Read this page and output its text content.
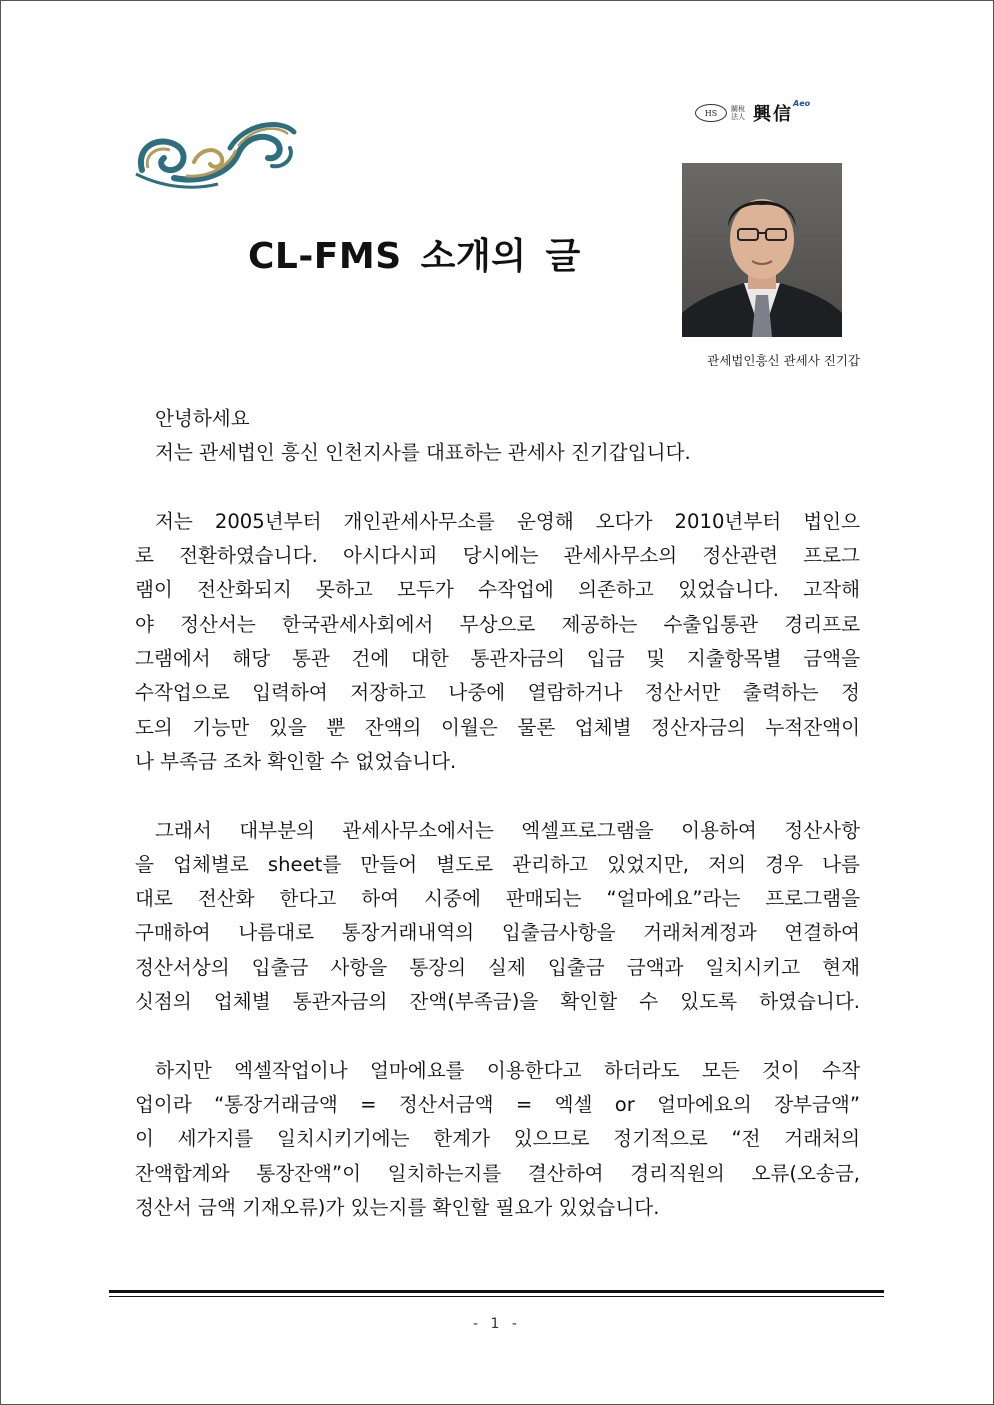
HS	關稅法人 興信
Aeo
CL-FMS 소개의 글
관세법인흥신 관세사 진기갑

안녕하세요

저는 관세법인 흥신 인천지사를 대표하는 관세사 진기갑입니다.

저는 2005년부터 개인관세사무소를 운영해 오다가 2010년부터 법인으

로 전환하였습니다. 아시다시피 당시에는 관세사무소의 정산관련 프로그

램이 전산화되지 못하고 모두가 수작업에 의존하고 있었습니다. 고작해

야 정산서는 한국관세사회에서 무상으로 제공하는 수출입통관 경리프로

그램에서 해당 통관 건에 대한 통관자금의 입금 및 지출항목별 금액을

수작업으로 입력하여 저장하고 나중에 열람하거나 정산서만 출력하는 정

도의 기능만 있을 뿐 잔액의 이월은 물론 업체별 정산자금의 누적잔액이

나 부족금 조차 확인할 수 없었습니다.

그래서 대부분의 관세사무소에서는 엑셀프로그램을 이용하여 정산사항

을 업체별로 sheet를 만들어 별도로 관리하고 있었지만, 저의 경우 나름

대로 전산화 한다고 하여 시중에 판매되는 “얼마에요”라는 프로그램을

구매하여 나름대로 통장거래내역의 입출금사항을 거래처계정과 연결하여

정산서상의 입출금 사항을 통장의 실제 입출금 금액과 일치시키고 현재

싯점의 업체별 통관자금의 잔액(부족금)을 확인할 수 있도록 하였습니다.

하지만 엑셀작업이나 얼마에요를 이용한다고 하더라도 모든 것이 수작

업이라 “통장거래금액 = 정산서금액 = 엑셀 or 얼마에요의 장부금액”

이 세가지를 일치시키기에는 한계가 있으므로 정기적으로 “전 거래처의

잔액합계와 통장잔액”이 일치하는지를 결산하여 경리직원의 오류(오송금,

정산서 금액 기재오류)가 있는지를 확인할 필요가 있었습니다.

- 1 -
